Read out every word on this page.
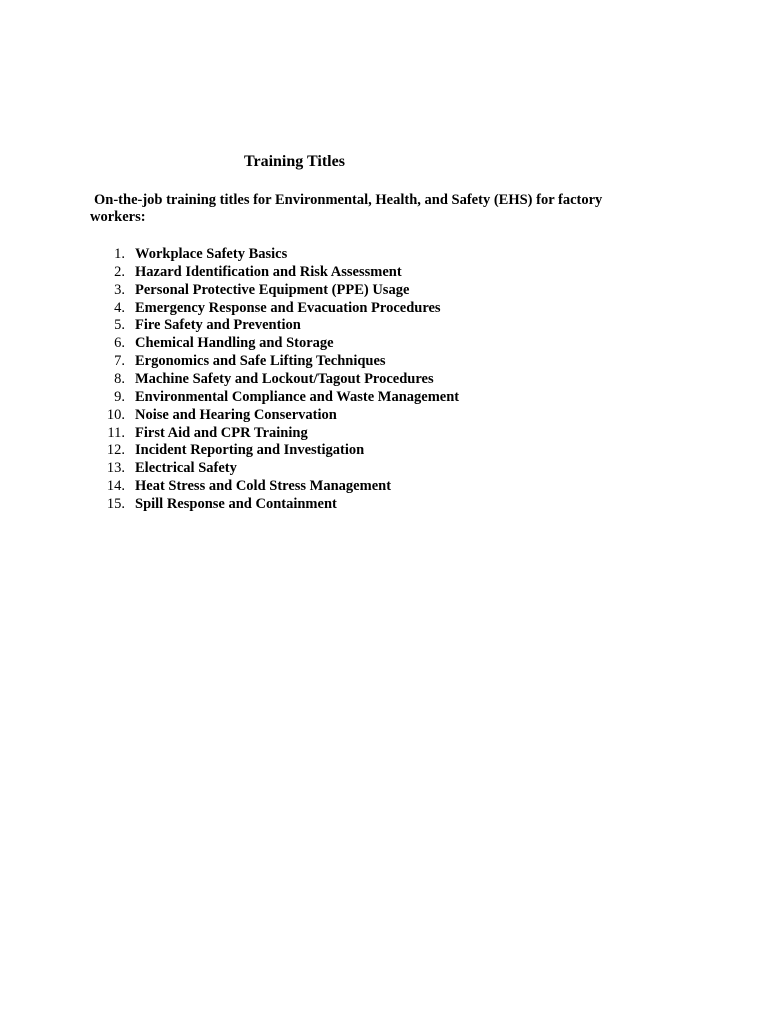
Training Titles

On-the-job training titles for Environmental, Health, and Safety (EHS) for factory workers:

1. Workplace Safety Basics
2. Hazard Identification and Risk Assessment
3. Personal Protective Equipment (PPE) Usage
4. Emergency Response and Evacuation Procedures
5. Fire Safety and Prevention
6. Chemical Handling and Storage
7. Ergonomics and Safe Lifting Techniques
8. Machine Safety and Lockout/Tagout Procedures
9. Environmental Compliance and Waste Management
10. Noise and Hearing Conservation
11. First Aid and CPR Training
12. Incident Reporting and Investigation
13. Electrical Safety
14. Heat Stress and Cold Stress Management
15. Spill Response and Containment
